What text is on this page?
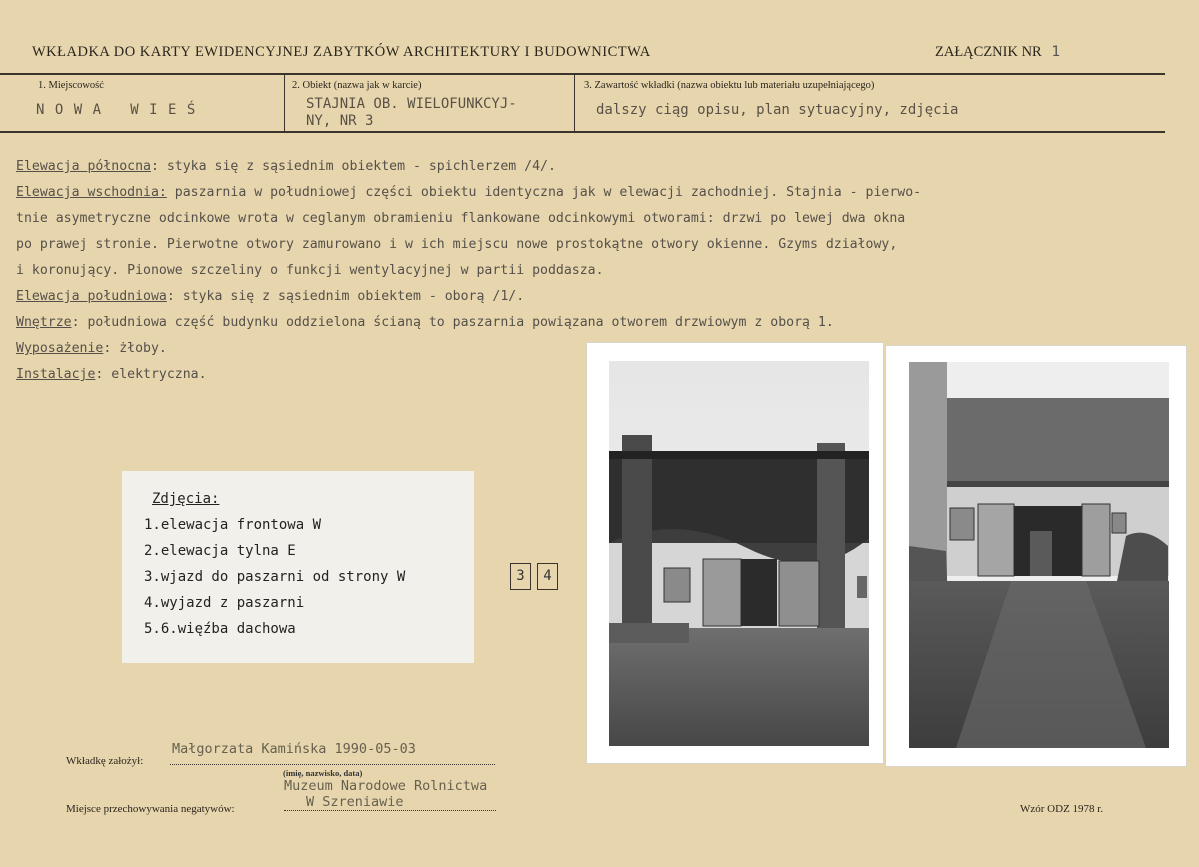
WKŁADKA DO KARTY EWIDENCYJNEJ ZABYTKÓW ARCHITEKTURY I BUDOWNICTWA	ZAŁĄCZNIK NR 1
1. Miejscowość
N O W A   W I E Ś
2. Obiekt (nazwa jak w karcie)
STAJNIA OB. WIELOFUNKCYJ-
NY, NR 3
3. Zawartość wkładki (nazwa obiektu lub materiału uzupełniającego)
dalszy ciąg opisu, plan sytuacyjny, zdjęcia
Elewacja północna: styka się z sąsiednim obiektem - spichlerzem /4/.
Elewacja wschodnia: paszarnia w południowej części obiektu identyczna jak w elewacji zachodniej. Stajnia - pierwo-
tnie asymetryczne odcinkowe wrota w ceglanym obramieniu flankowane odcinkowymi otworami: drzwi po lewej dwa okna
po prawej stronie. Pierwotne otwory zamurowano i w ich miejscu nowe prostokątne otwory okienne. Gzyms działowy,
i koronujący. Pionowe szczeliny o funkcji wentylacyjnej w partii poddasza.
Elewacja południowa: styka się z sąsiednim obiektem - oborą /1/.
Wnętrze: południowa część budynku oddzielona ścianą to paszarnia powiązana otworem drzwiowym z oborą 1.
Wyposażenie: żłoby.
Instalacje: elektryczna.
Zdjęcia:
1.elewacja frontowa W
2.elewacja tylna E
3.wjazd do paszarni od strony W
4.wyjazd z paszarni
5.6.więźba dachowa
3	4
Wkładkę założył:
Małgorzata Kamińska 1990-05-03
(imię, nazwisko, data)
Miejsce przechowywania negatywów:
Muzeum Narodowe Rolnictwa
W Szreniawie	Wzór ODZ 1978 r.
